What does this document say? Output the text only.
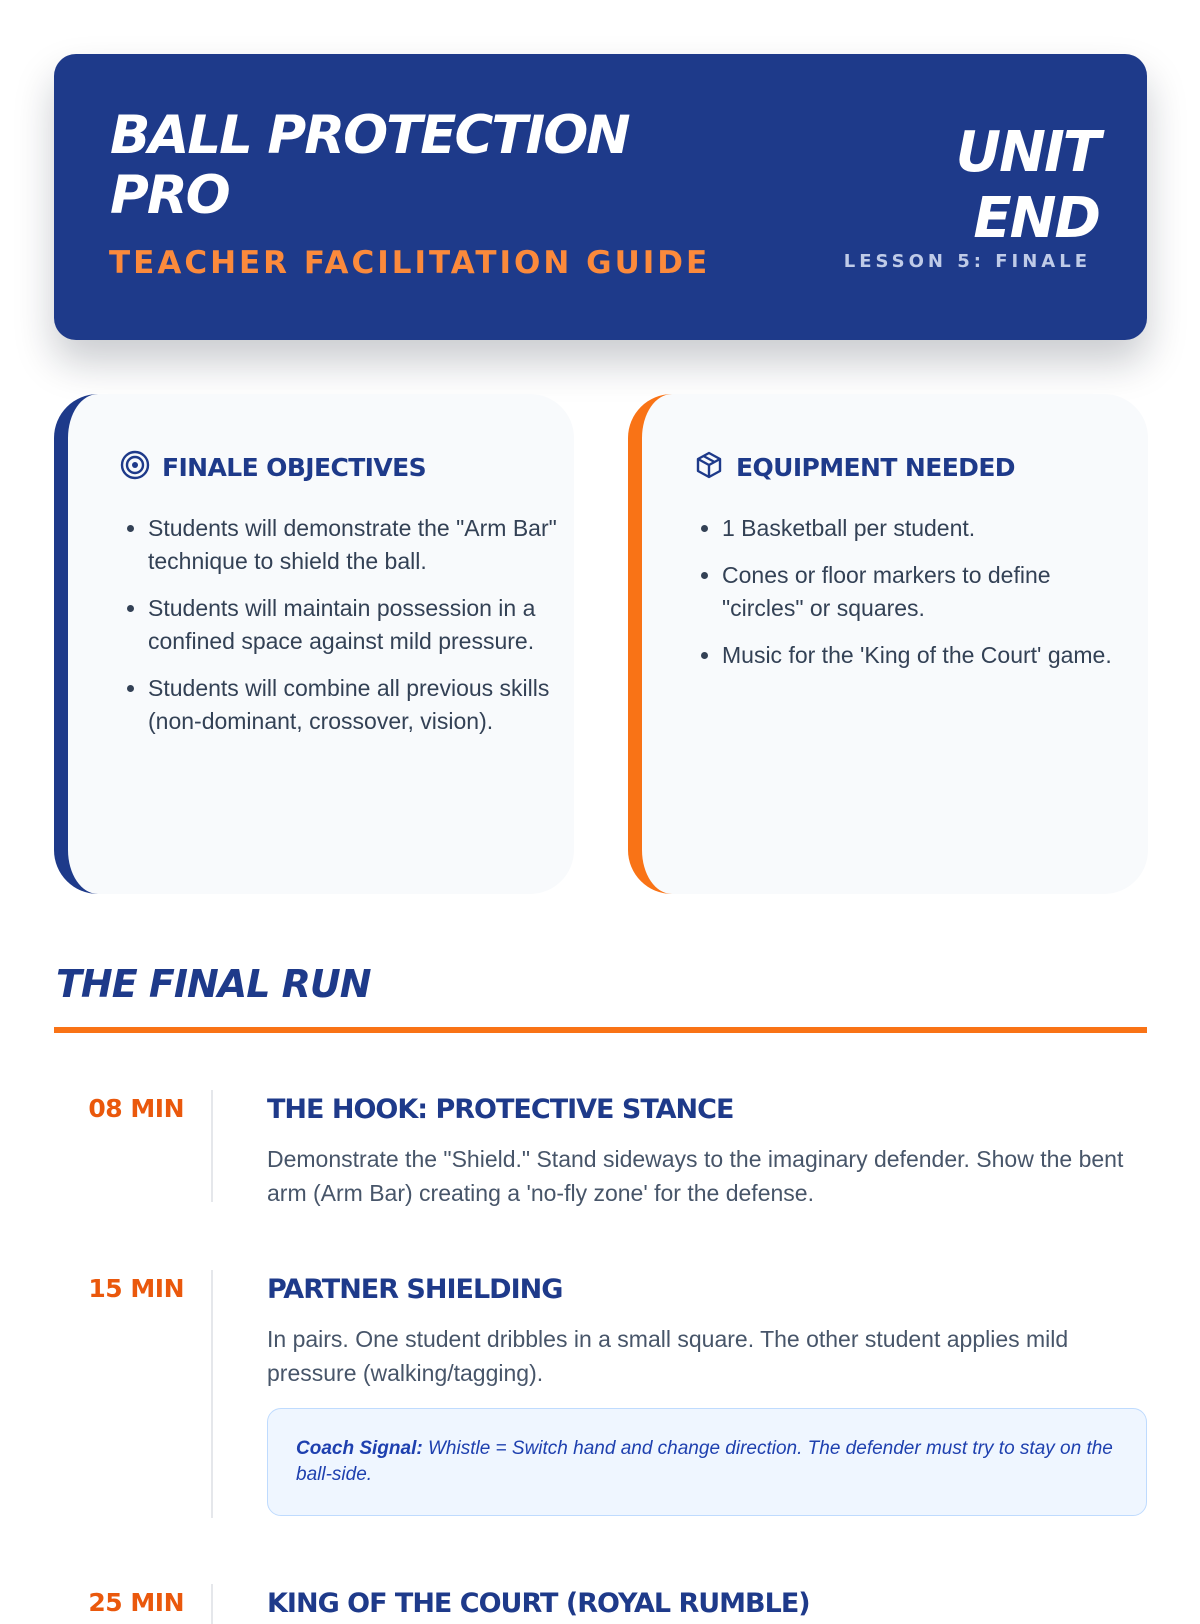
BALL PROTECTION PRO
TEACHER FACILITATION GUIDE
UNIT END
LESSON 5: FINALE
FINALE OBJECTIVES
• Students will demonstrate the "Arm Bar" technique to shield the ball.
• Students will maintain possession in a confined space against mild pressure.
• Students will combine all previous skills (non-dominant, crossover, vision).
EQUIPMENT NEEDED
• 1 Basketball per student.
• Cones or floor markers to define "circles" or squares.
• Music for the 'King of the Court' game.
THE FINAL RUN
08 MIN	THE HOOK: PROTECTIVE STANCE
Demonstrate the "Shield." Stand sideways to the imaginary defender. Show the bent arm (Arm Bar) creating a 'no-fly zone' for the defense.
15 MIN	PARTNER SHIELDING
In pairs. One student dribbles in a small square. The other student applies mild pressure (walking/tagging).
Coach Signal: Whistle = Switch hand and change direction. The defender must try to stay on the ball-side.
25 MIN	KING OF THE COURT (ROYAL RUMBLE)
